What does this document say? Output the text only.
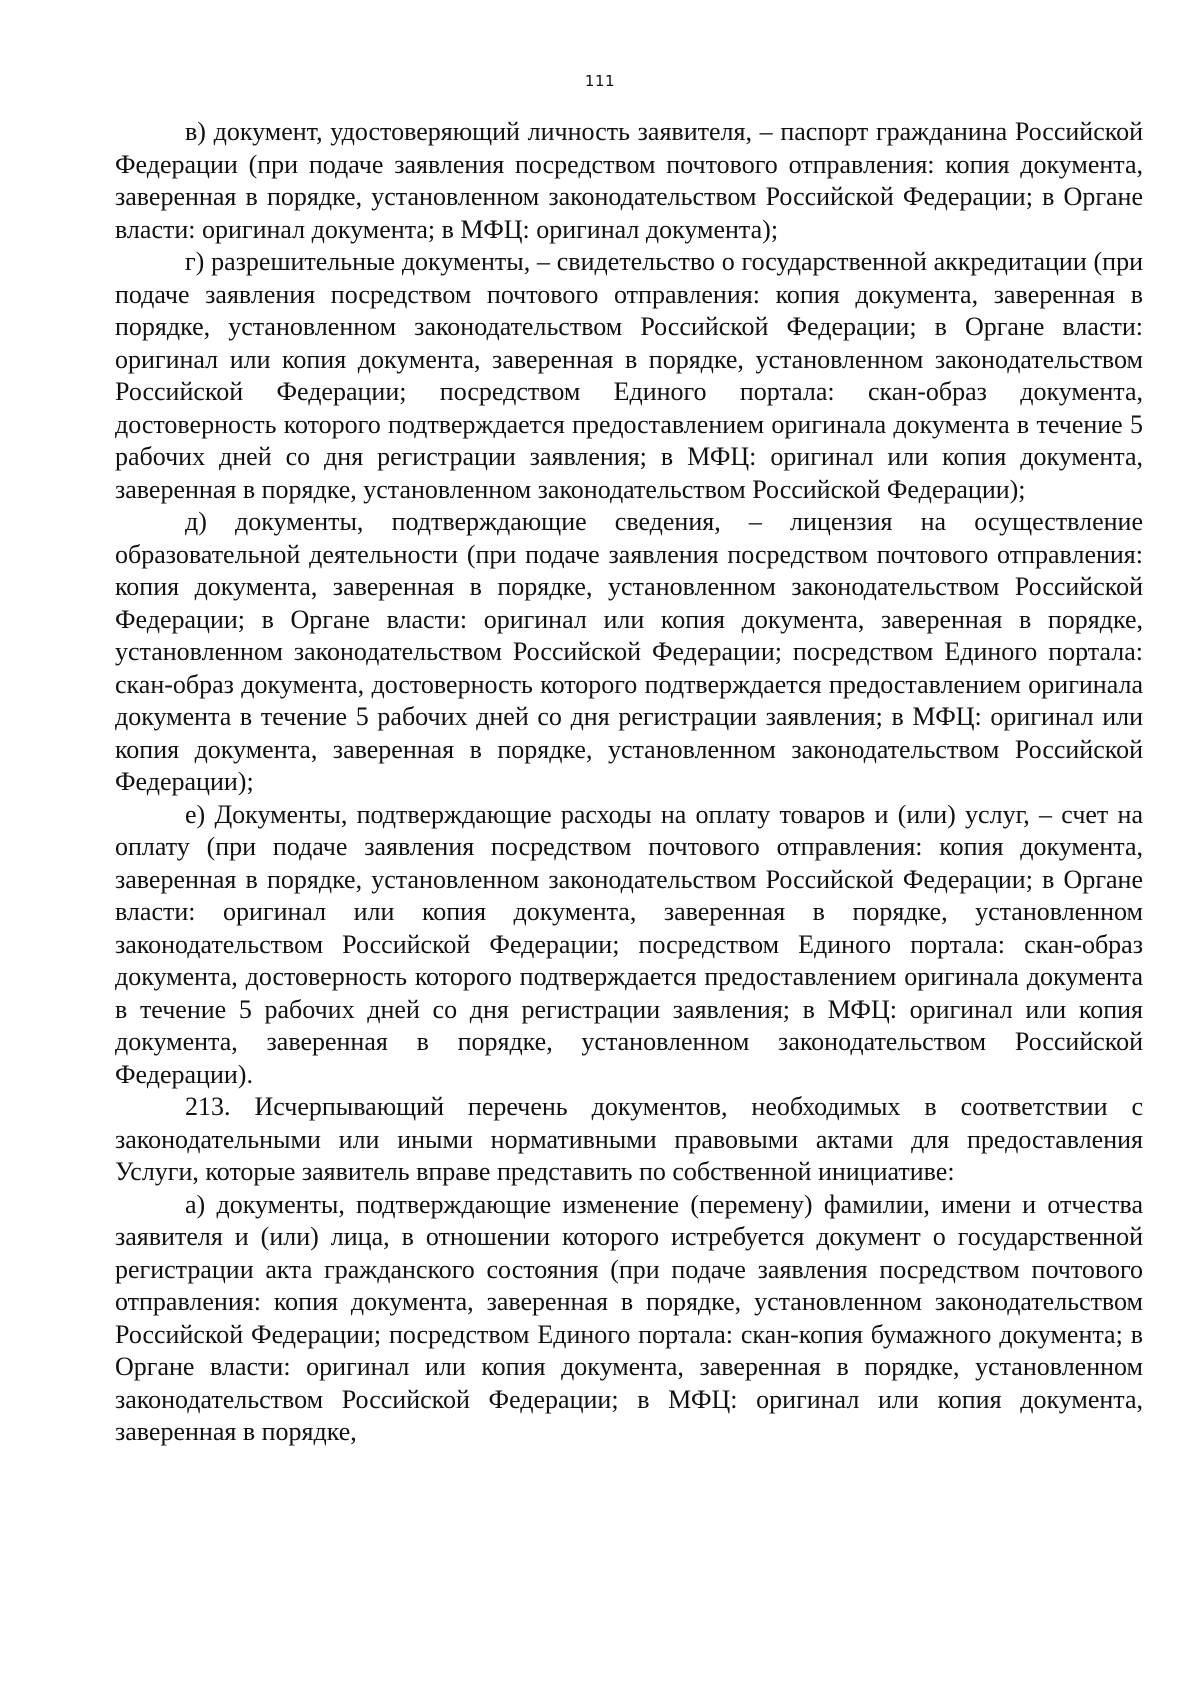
111

в) документ, удостоверяющий личность заявителя, – паспорт гражданина Российской Федерации (при подаче заявления посредством почтового отправления: копия документа, заверенная в порядке, установленном законодательством Российской Федерации; в Органе власти: оригинал документа; в МФЦ: оригинал документа);

г) разрешительные документы, – свидетельство о государственной аккредитации (при подаче заявления посредством почтового отправления: копия документа, заверенная в порядке, установленном законодательством Российской Федерации; в Органе власти: оригинал или копия документа, заверенная в порядке, установленном законодательством Российской Федерации; посредством Единого портала: скан-образ документа, достоверность которого подтверждается предоставлением оригинала документа в течение 5 рабочих дней со дня регистрации заявления; в МФЦ: оригинал или копия документа, заверенная в порядке, установленном законодательством Российской Федерации);

д) документы, подтверждающие сведения, – лицензия на осуществление образовательной деятельности (при подаче заявления посредством почтового отправления: копия документа, заверенная в порядке, установленном законодательством Российской Федерации; в Органе власти: оригинал или копия документа, заверенная в порядке, установленном законодательством Российской Федерации; посредством Единого портала: скан-образ документа, достоверность которого подтверждается предоставлением оригинала документа в течение 5 рабочих дней со дня регистрации заявления; в МФЦ: оригинал или копия документа, заверенная в порядке, установленном законодательством Российской Федерации);

е) Документы, подтверждающие расходы на оплату товаров и (или) услуг, – счет на оплату (при подаче заявления посредством почтового отправления: копия документа, заверенная в порядке, установленном законодательством Российской Федерации; в Органе власти: оригинал или копия документа, заверенная в порядке, установленном законодательством Российской Федерации; посредством Единого портала: скан-образ документа, достоверность которого подтверждается предоставлением оригинала документа в течение 5 рабочих дней со дня регистрации заявления; в МФЦ: оригинал или копия документа, заверенная в порядке, установленном законодательством Российской Федерации).

213. Исчерпывающий перечень документов, необходимых в соответствии с законодательными или иными нормативными правовыми актами для предоставления Услуги, которые заявитель вправе представить по собственной инициативе:

а) документы, подтверждающие изменение (перемену) фамилии, имени и отчества заявителя и (или) лица, в отношении которого истребуется документ о государственной регистрации акта гражданского состояния (при подаче заявления посредством почтового отправления: копия документа, заверенная в порядке, установленном законодательством Российской Федерации; посредством Единого портала: скан-копия бумажного документа; в Органе власти: оригинал или копия документа, заверенная в порядке, установленном законодательством Российской Федерации; в МФЦ: оригинал или копия документа, заверенная в порядке,
